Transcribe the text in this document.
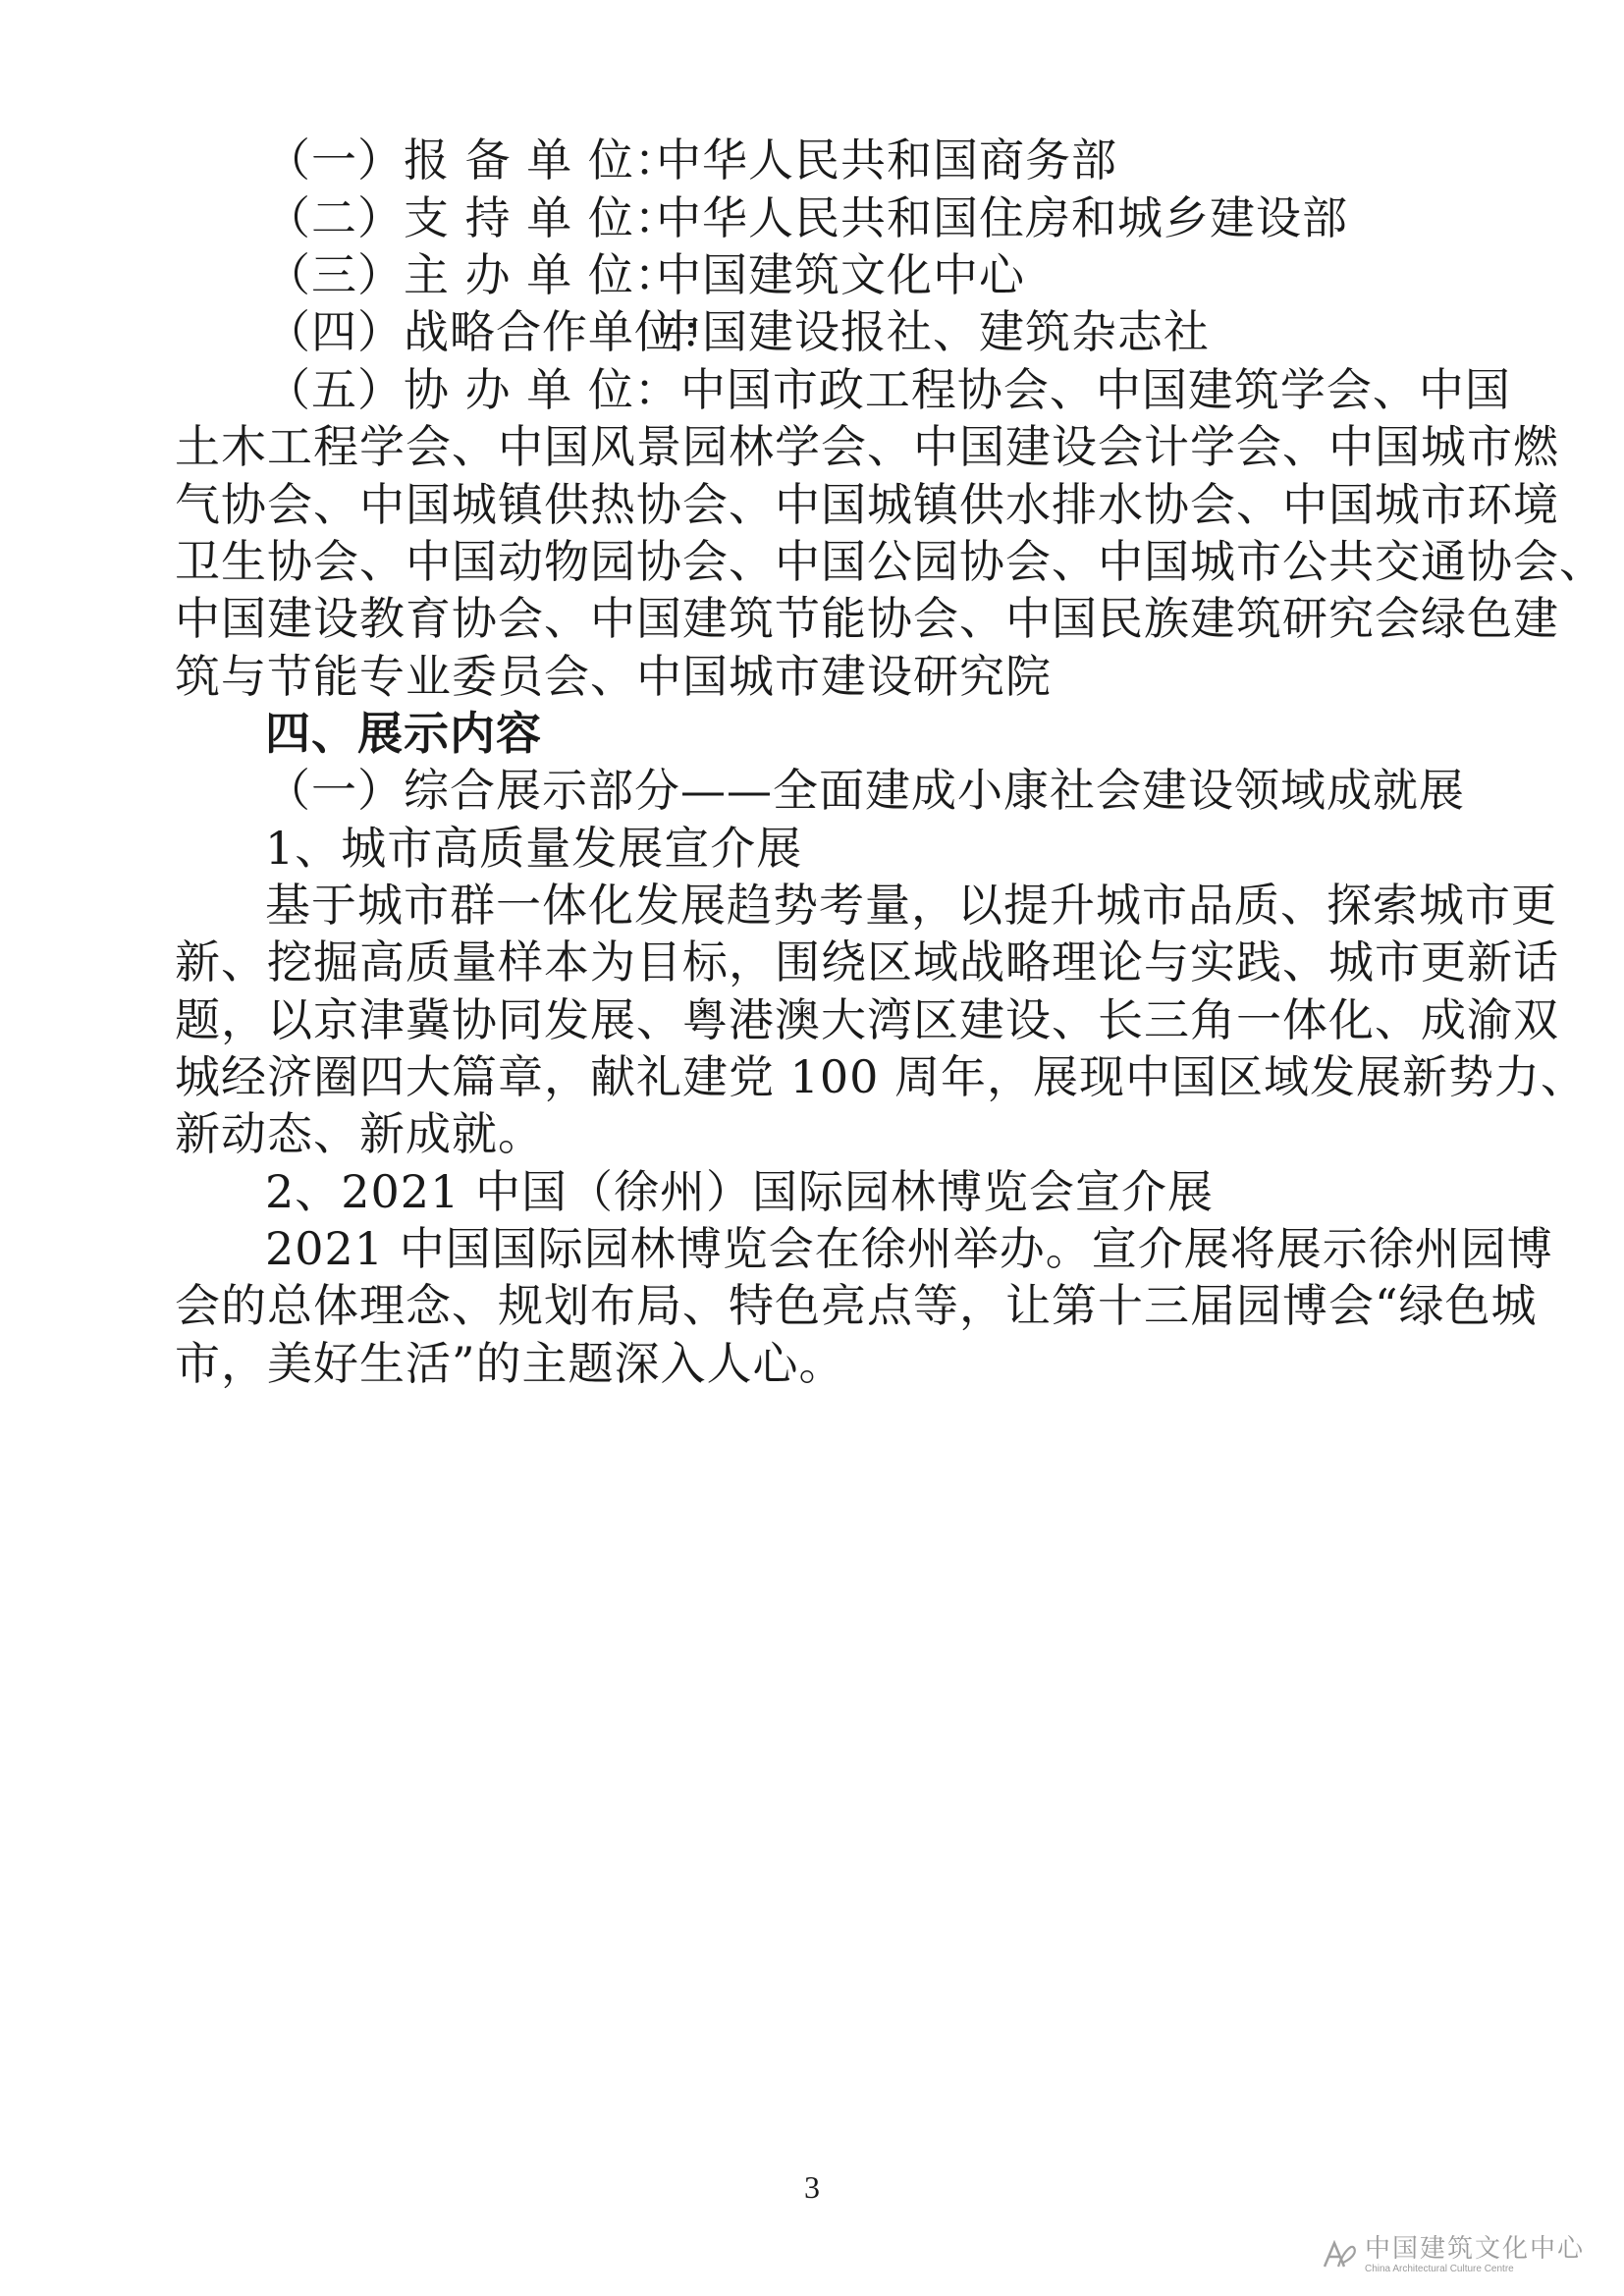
（一）报 备 单 位：中华人民共和国商务部
（二）支 持 单 位：中华人民共和国住房和城乡建设部
（三）主 办 单 位：中国建筑文化中心
（四）战略合作单位：中国建设报社、建筑杂志社
（五）协 办 单 位：中国市政工程协会、中国建筑学会、中国
土木工程学会、中国风景园林学会、中国建设会计学会、中国城市燃
气协会、中国城镇供热协会、中国城镇供水排水协会、中国城市环境
卫生协会、中国动物园协会、中国公园协会、中国城市公共交通协会、
中国建设教育协会、中国建筑节能协会、中国民族建筑研究会绿色建
筑与节能专业委员会、中国城市建设研究院
四、展示内容
（一）综合展示部分——全面建成小康社会建设领域成就展
1、城市高质量发展宣介展
基于城市群一体化发展趋势考量，以提升城市品质、探索城市更
新、挖掘高质量样本为目标，围绕区域战略理论与实践、城市更新话
题，以京津冀协同发展、粤港澳大湾区建设、长三角一体化、成渝双
城经济圈四大篇章，献礼建党 100 周年，展现中国区域发展新势力、
新动态、新成就。
2、2021 中国（徐州）国际园林博览会宣介展
2021 中国国际园林博览会在徐州举办。宣介展将展示徐州园博
会的总体理念、规划布局、特色亮点等，让第十三届园博会“绿色城
市，美好生活”的主题深入人心。
3
中国建筑文化中心
China Architectural Culture Centre
